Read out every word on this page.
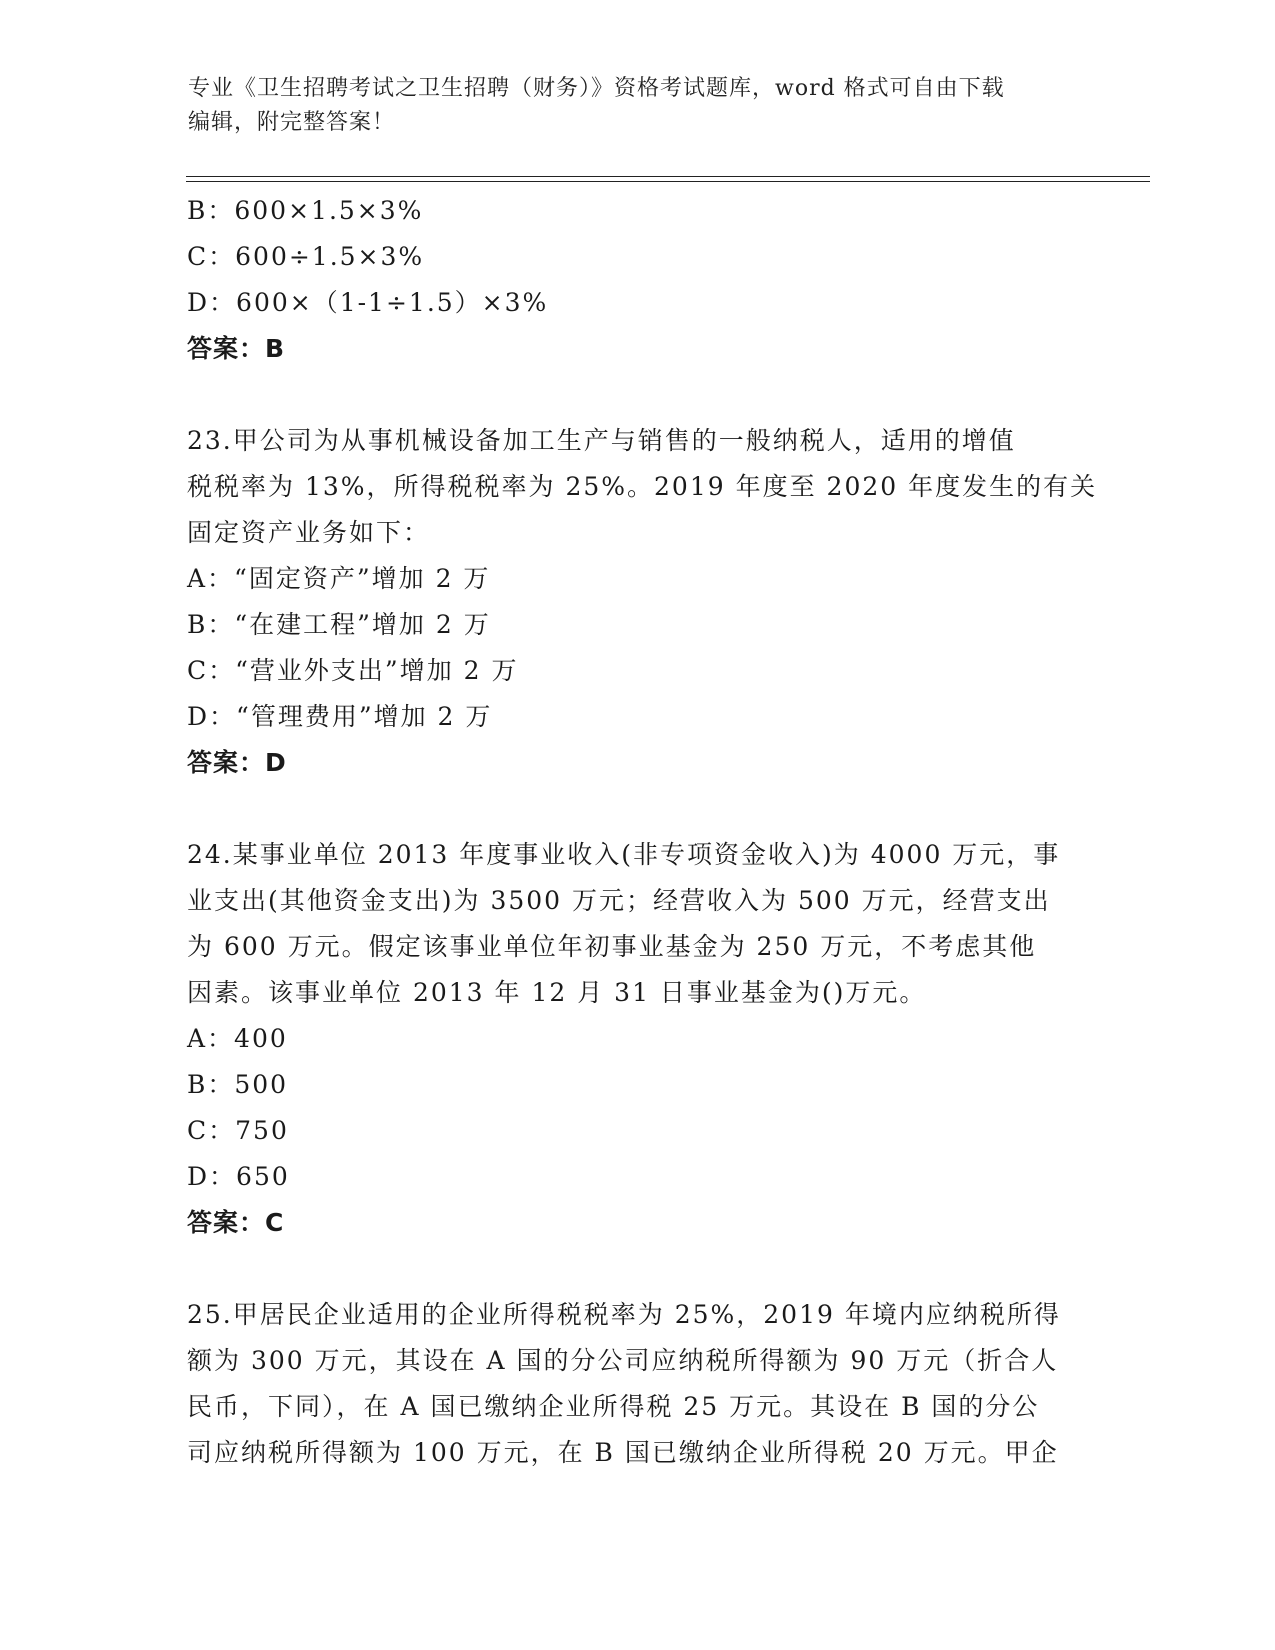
专业《卫生招聘考试之卫生招聘（财务）》资格考试题库，word 格式可自由下载
编辑，附完整答案！
B：600×1.5×3%
C：600÷1.5×3%
D：600×（1-1÷1.5）×3%
答案：B
23.甲公司为从事机械设备加工生产与销售的一般纳税人，适用的增值
税税率为 13%，所得税税率为 25%。2019 年度至 2020 年度发生的有关
固定资产业务如下：
A：“固定资产”增加 2 万
B：“在建工程”增加 2 万
C：“营业外支出”增加 2 万
D：“管理费用”增加 2 万
答案：D
24.某事业单位 2013 年度事业收入(非专项资金收入)为 4000 万元，事
业支出(其他资金支出)为 3500 万元；经营收入为 500 万元，经营支出
为 600 万元。假定该事业单位年初事业基金为 250 万元，不考虑其他
因素。该事业单位 2013 年 12 月 31 日事业基金为()万元。
A：400
B：500
C：750
D：650
答案：C
25.甲居民企业适用的企业所得税税率为 25%，2019 年境内应纳税所得
额为 300 万元，其设在 A 国的分公司应纳税所得额为 90 万元（折合人
民币，下同），在 A 国已缴纳企业所得税 25 万元。其设在 B 国的分公
司应纳税所得额为 100 万元，在 B 国已缴纳企业所得税 20 万元。甲企
